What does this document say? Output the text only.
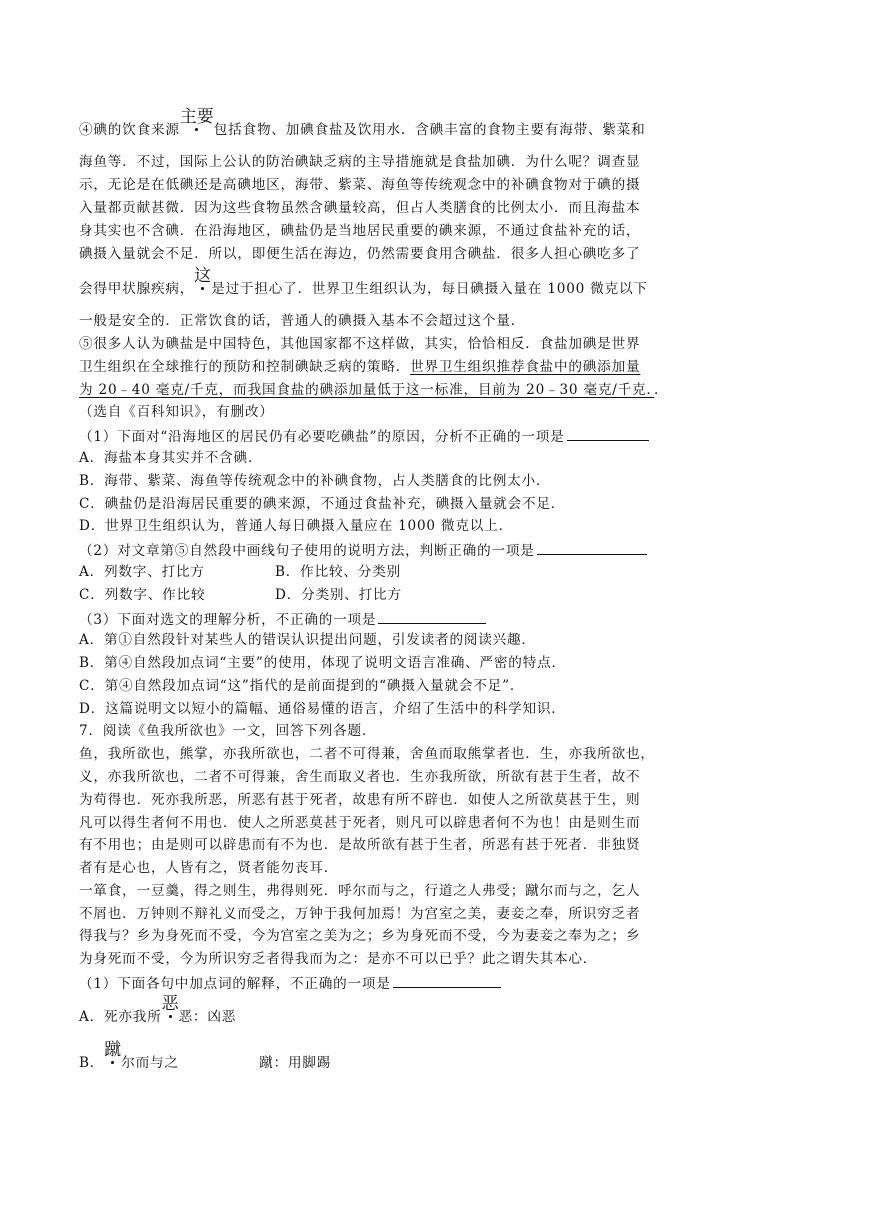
④碘的饮食来源主要包括食物、加碘食盐及饮用水．含碘丰富的食物主要有海带、紫菜和
海鱼等．不过，国际上公认的防治碘缺乏病的主导措施就是食盐加碘．为什么呢？调查显
示，无论是在低碘还是高碘地区，海带、紫菜、海鱼等传统观念中的补碘食物对于碘的摄
入量都贡献甚微．因为这些食物虽然含碘量较高，但占人类膳食的比例太小．而且海盐本
身其实也不含碘．在沿海地区，碘盐仍是当地居民重要的碘来源，不通过食盐补充的话，
碘摄入量就会不足．所以，即便生活在海边，仍然需要食用含碘盐．很多人担心碘吃多了
会得甲状腺疾病，这是过于担心了．世界卫生组织认为，每日碘摄入量在 1000 微克以下
一般是安全的．正常饮食的话，普通人的碘摄入基本不会超过这个量．
⑤很多人认为碘盐是中国特色，其他国家都不这样做，其实，恰恰相反．食盐加碘是世界
卫生组织在全球推行的预防和控制碘缺乏病的策略．世界卫生组织推荐食盐中的碘添加量
为 20﹣40 毫克/千克，而我国食盐的碘添加量低于这一标准，目前为 20﹣30 毫克/千克．．
（选自《百科知识》，有删改）
（1）下面对“沿海地区的居民仍有必要吃碘盐”的原因，分析不正确的一项是
A．海盐本身其实并不含碘．
B．海带、紫菜、海鱼等传统观念中的补碘食物，占人类膳食的比例太小．
C．碘盐仍是沿海居民重要的碘来源，不通过食盐补充，碘摄入量就会不足．
D．世界卫生组织认为，普通人每日碘摄入量应在 1000 微克以上．
（2）对文章第⑤自然段中画线句子使用的说明方法，判断正确的一项是
A．列数字、打比方	B．作比较、分类别
C．列数字、作比较	D．分类别、打比方
（3）下面对选文的理解分析，不正确的一项是
A．第①自然段针对某些人的错误认识提出问题，引发读者的阅读兴趣．
B．第④自然段加点词“主要”的使用，体现了说明文语言准确、严密的特点．
C．第④自然段加点词“这”指代的是前面提到的“碘摄入量就会不足”．
D．这篇说明文以短小的篇幅、通俗易懂的语言，介绍了生活中的科学知识．
7．阅读《鱼我所欲也》一文，回答下列各题．
鱼，我所欲也，熊掌，亦我所欲也，二者不可得兼，舍鱼而取熊掌者也．生，亦我所欲也，
义，亦我所欲也，二者不可得兼，舍生而取义者也．生亦我所欲，所欲有甚于生者，故不
为苟得也．死亦我所恶，所恶有甚于死者，故患有所不辟也．如使人之所欲莫甚于生，则
凡可以得生者何不用也．使人之所恶莫甚于死者，则凡可以辟患者何不为也！由是则生而
有不用也；由是则可以辟患而有不为也．是故所欲有甚于生者，所恶有甚于死者．非独贤
者有是心也，人皆有之，贤者能勿丧耳．
一箪食，一豆羹，得之则生，弗得则死．呼尔而与之，行道之人弗受；蹴尔而与之，乞人
不屑也．万钟则不辩礼义而受之，万钟于我何加焉！为宫室之美，妻妾之奉，所识穷乏者
得我与？乡为身死而不受，今为宫室之美为之；乡为身死而不受，今为妻妾之奉为之；乡
为身死而不受，今为所识穷乏者得我而为之：是亦不可以已乎？此之谓失其本心．
（1）下面各句中加点词的解释，不正确的一项是
A．死亦我所恶恶：凶恶
B．蹴尔而与之	蹴：用脚踢
